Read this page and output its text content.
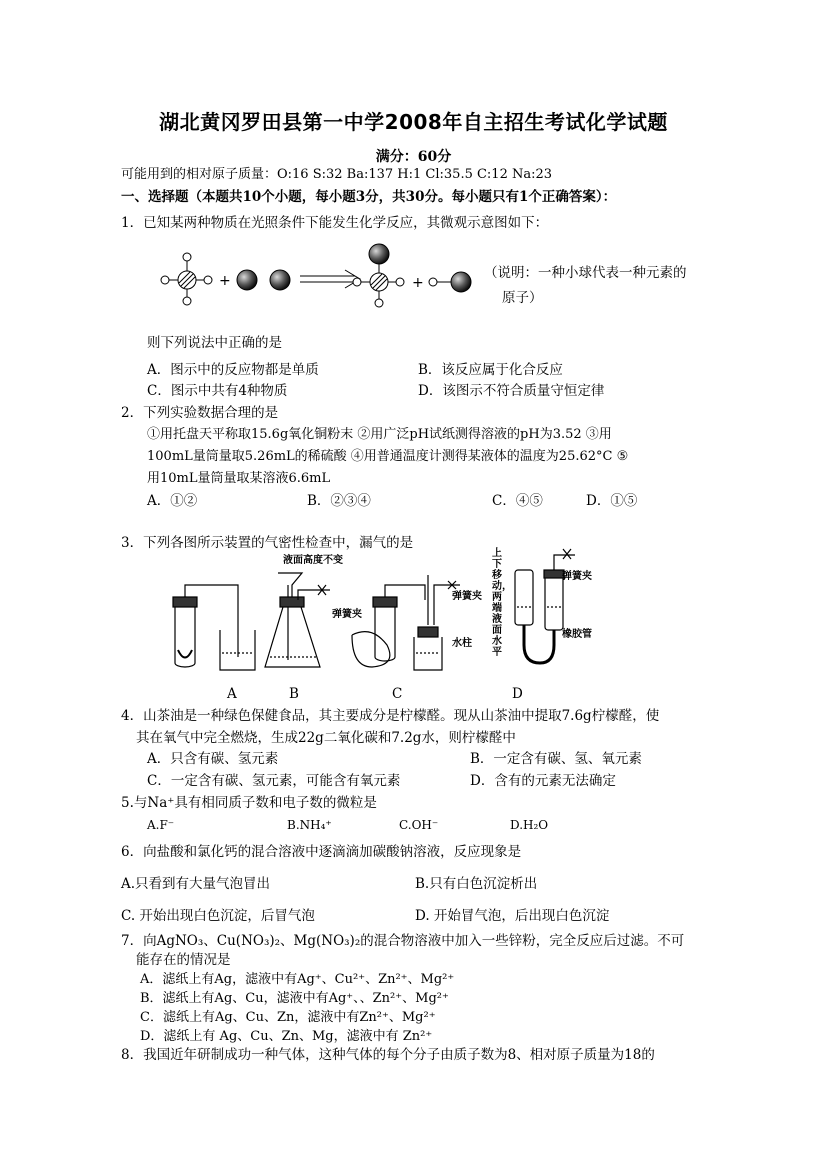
湖北黄冈罗田县第一中学2008年自主招生考试化学试题
满分：60分
可能用到的相对原子质量：O:16 S:32 Ba:137 H:1 Cl:35.5 C:12 Na:23
一、选择题（本题共10个小题，每小题3分，共30分。每小题只有1个正确答案）：
1．已知某两种物质在光照条件下能发生化学反应，其微观示意图如下：
+	+
（说明：一种小球代表一种元素的
原子）
则下列说法中正确的是
A．图示中的反应物都是单质	B．该反应属于化合反应
C．图示中共有4种物质	D．该图示不符合质量守恒定律
2．下列实验数据合理的是
①用托盘天平称取15.6g氧化铜粉末 ②用广泛pH试纸测得溶液的pH为3.52 ③用
100mL量筒量取5.26mL的稀硫酸 ④用普通温度计测得某液体的温度为25.62°C ⑤
用10mL量筒量取某溶液6.6mL
A．①②	B．②③④	C．④⑤	D．①⑤
3．下列各图所示装置的气密性检查中，漏气的是
液面高度不变
弹簧夹
弹簧夹
水柱
弹簧夹
橡胶管
上下移动，两端液面水平
A	B	C	D
4．山茶油是一种绿色保健食品，其主要成分是柠檬醛。现从山茶油中提取7.6g柠檬醛，使
其在氧气中完全燃烧，生成22g二氧化碳和7.2g水，则柠檬醛中
A．只含有碳、氢元素	B．一定含有碳、氢、氧元素
C．一定含有碳、氢元素，可能含有氧元素	D．含有的元素无法确定
5.与Na⁺具有相同质子数和电子数的微粒是
A.F⁻	B.NH₄⁺	C.OH⁻	D.H₂O
6．向盐酸和氯化钙的混合溶液中逐滴滴加碳酸钠溶液，反应现象是
A.只看到有大量气泡冒出	B.只有白色沉淀析出
C. 开始出现白色沉淀，后冒气泡	D. 开始冒气泡，后出现白色沉淀
7．向AgNO₃、Cu(NO₃)₂、Mg(NO₃)₂的混合物溶液中加入一些锌粉，完全反应后过滤。不可
能存在的情况是
A．滤纸上有Ag，滤液中有Ag⁺、Cu²⁺、Zn²⁺、Mg²⁺
B．滤纸上有Ag、Cu，滤液中有Ag⁺、、Zn²⁺、Mg²⁺
C．滤纸上有Ag、Cu、Zn，滤液中有Zn²⁺、Mg²⁺
D．滤纸上有 Ag、Cu、Zn、Mg，滤液中有 Zn²⁺
8．我国近年研制成功一种气体，这种气体的每个分子由质子数为8、相对原子质量为18的
